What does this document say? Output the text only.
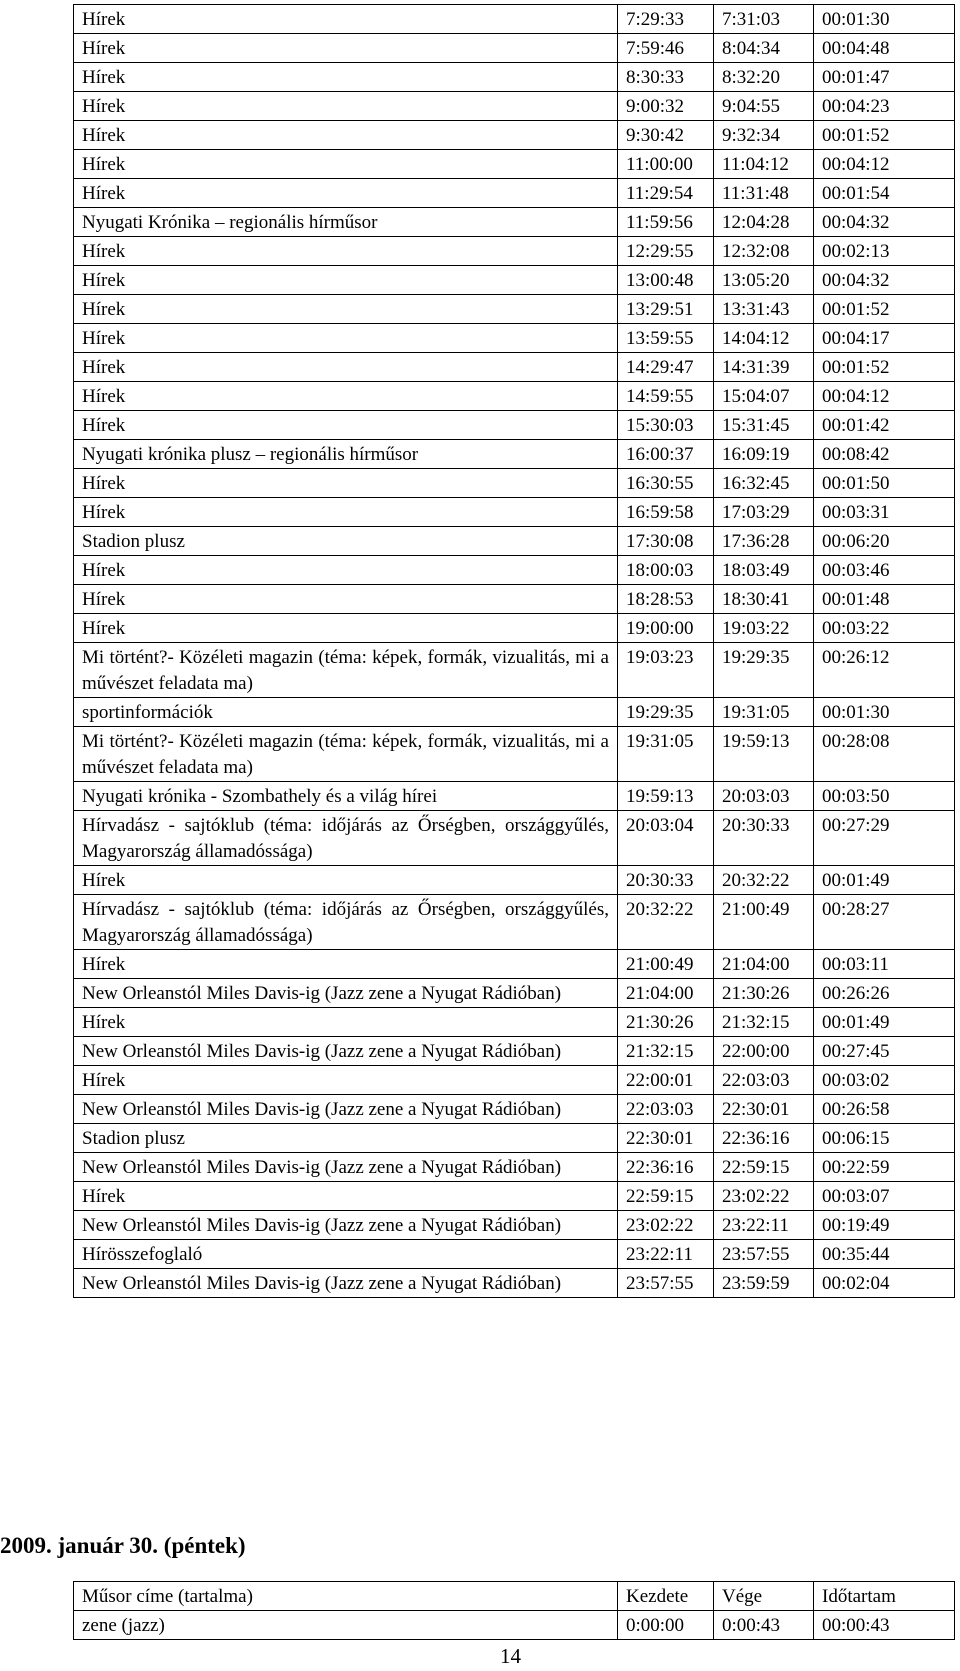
Hírek	7:29:33	7:31:03	00:01:30
Hírek	7:59:46	8:04:34	00:04:48
Hírek	8:30:33	8:32:20	00:01:47
Hírek	9:00:32	9:04:55	00:04:23
Hírek	9:30:42	9:32:34	00:01:52
Hírek	11:00:00	11:04:12	00:04:12
Hírek	11:29:54	11:31:48	00:01:54
Nyugati Krónika – regionális hírműsor	11:59:56	12:04:28	00:04:32
Hírek	12:29:55	12:32:08	00:02:13
Hírek	13:00:48	13:05:20	00:04:32
Hírek	13:29:51	13:31:43	00:01:52
Hírek	13:59:55	14:04:12	00:04:17
Hírek	14:29:47	14:31:39	00:01:52
Hírek	14:59:55	15:04:07	00:04:12
Hírek	15:30:03	15:31:45	00:01:42
Nyugati krónika plusz – regionális hírműsor	16:00:37	16:09:19	00:08:42
Hírek	16:30:55	16:32:45	00:01:50
Hírek	16:59:58	17:03:29	00:03:31
Stadion plusz	17:30:08	17:36:28	00:06:20
Hírek	18:00:03	18:03:49	00:03:46
Hírek	18:28:53	18:30:41	00:01:48
Hírek	19:00:00	19:03:22	00:03:22
Mi történt?- Közéleti magazin (téma: képek, formák, vizualitás, mi a művészet feladata ma)	19:03:23	19:29:35	00:26:12
sportinformációk	19:29:35	19:31:05	00:01:30
Mi történt?- Közéleti magazin (téma: képek, formák, vizualitás, mi a művészet feladata ma)	19:31:05	19:59:13	00:28:08
Nyugati krónika - Szombathely és a világ hírei	19:59:13	20:03:03	00:03:50
Hírvadász - sajtóklub (téma: időjárás az Őrségben, országgyűlés, Magyarország államadóssága)	20:03:04	20:30:33	00:27:29
Hírek	20:30:33	20:32:22	00:01:49
Hírvadász - sajtóklub (téma: időjárás az Őrségben, országgyűlés, Magyarország államadóssága)	20:32:22	21:00:49	00:28:27
Hírek	21:00:49	21:04:00	00:03:11
New Orleanstól Miles Davis-ig (Jazz zene a Nyugat Rádióban)	21:04:00	21:30:26	00:26:26
Hírek	21:30:26	21:32:15	00:01:49
New Orleanstól Miles Davis-ig (Jazz zene a Nyugat Rádióban)	21:32:15	22:00:00	00:27:45
Hírek	22:00:01	22:03:03	00:03:02
New Orleanstól Miles Davis-ig (Jazz zene a Nyugat Rádióban)	22:03:03	22:30:01	00:26:58
Stadion plusz	22:30:01	22:36:16	00:06:15
New Orleanstól Miles Davis-ig (Jazz zene a Nyugat Rádióban)	22:36:16	22:59:15	00:22:59
Hírek	22:59:15	23:02:22	00:03:07
New Orleanstól Miles Davis-ig (Jazz zene a Nyugat Rádióban)	23:02:22	23:22:11	00:19:49
Hírösszefoglaló	23:22:11	23:57:55	00:35:44
New Orleanstól Miles Davis-ig (Jazz zene a Nyugat Rádióban)	23:57:55	23:59:59	00:02:04
2009. január 30. (péntek)
Műsor címe (tartalma)	Kezdete	Vége	Időtartam
zene (jazz)	0:00:00	0:00:43	00:00:43
14
